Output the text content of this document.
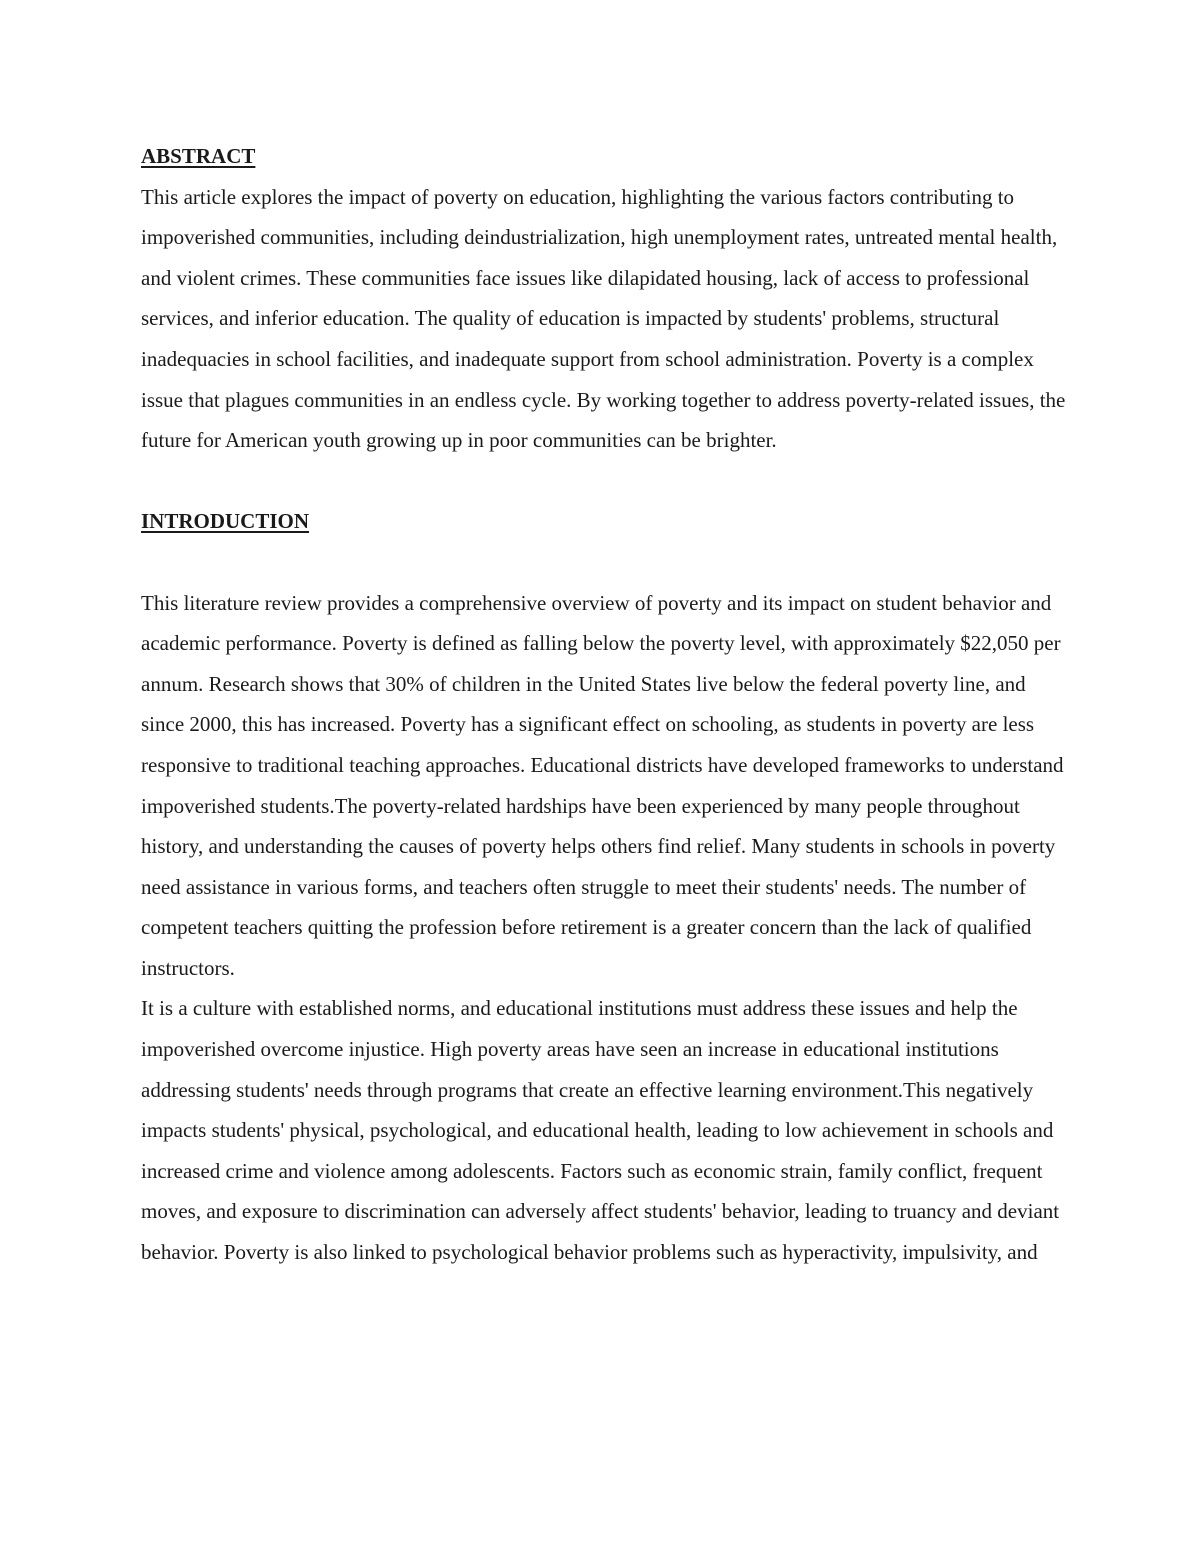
ABSTRACT

This article explores the impact of poverty on education, highlighting the various factors contributing to impoverished communities, including deindustrialization, high unemployment rates, untreated mental health, and violent crimes. These communities face issues like dilapidated housing, lack of access to professional services, and inferior education. The quality of education is impacted by students' problems, structural inadequacies in school facilities, and inadequate support from school administration. Poverty is a complex issue that plagues communities in an endless cycle. By working together to address poverty-related issues, the future for American youth growing up in poor communities can be brighter.

INTRODUCTION

This literature review provides a comprehensive overview of poverty and its impact on student behavior and academic performance. Poverty is defined as falling below the poverty level, with approximately $22,050 per annum. Research shows that 30% of children in the United States live below the federal poverty line, and since 2000, this has increased. Poverty has a significant effect on schooling, as students in poverty are less responsive to traditional teaching approaches. Educational districts have developed frameworks to understand impoverished students.The poverty-related hardships have been experienced by many people throughout history, and understanding the causes of poverty helps others find relief. Many students in schools in poverty need assistance in various forms, and teachers often struggle to meet their students' needs. The number of competent teachers quitting the profession before retirement is a greater concern than the lack of qualified instructors.

It is a culture with established norms, and educational institutions must address these issues and help the impoverished overcome injustice. High poverty areas have seen an increase in educational institutions addressing students' needs through programs that create an effective learning environment.This negatively impacts students' physical, psychological, and educational health, leading to low achievement in schools and increased crime and violence among adolescents. Factors such as economic strain, family conflict, frequent moves, and exposure to discrimination can adversely affect students' behavior, leading to truancy and deviant behavior. Poverty is also linked to psychological behavior problems such as hyperactivity, impulsivity, and
